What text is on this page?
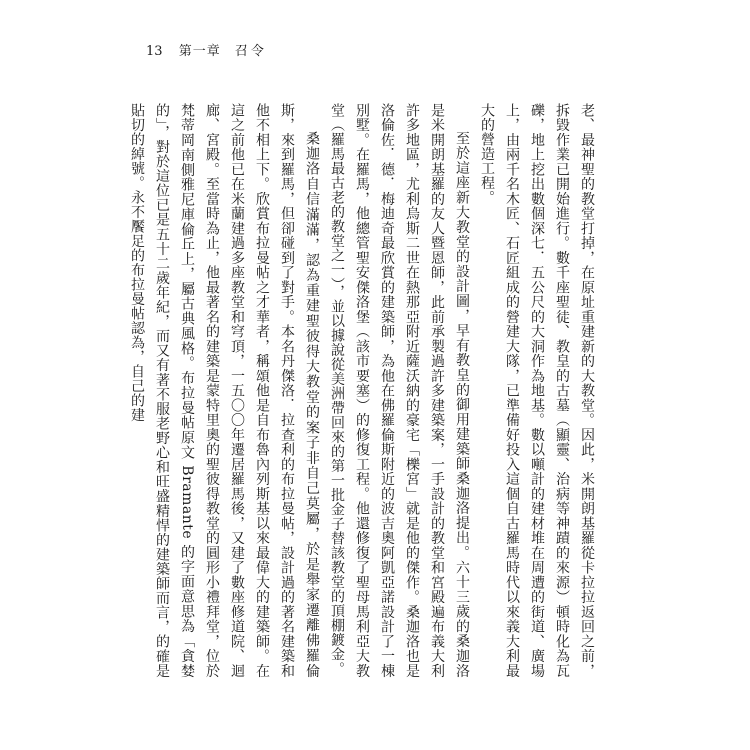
13 第一章 召令

老、最神聖的教堂打掉，在原址重建新的大教堂。因此，米開朗基羅從卡拉拉返回之前，拆毀作業已開始進行。數千座聖徒、教皇的古墓（顯靈、治病等神蹟的來源）頓時化為瓦礫，地上挖出數個深七．五公尺的大洞作為地基。數以噸計的建材堆在周遭的街道、廣場上，由兩千名木匠、石匠組成的營建大隊，已準備好投入這個自古羅馬時代以來義大利最大的營造工程。

至於這座新大教堂的設計圖，早有教皇的御用建築師桑迦洛提出。六十三歲的桑迦洛是米開朗基羅的友人暨恩師，此前承製過許多建築案，一手設計的教堂和宮殿遍布義大利許多地區，尤利烏斯二世在熱那亞附近薩沃納的豪宅「櫟宮」就是他的傑作。桑迦洛也是洛倫佐．德．梅迪奇最欣賞的建築師，為他在佛羅倫斯附近的波吉奧阿凱亞諾設計了一棟別墅。在羅馬，他總管聖安傑洛堡（該市要塞）的修復工程。他還修復了聖母馬利亞大教堂（羅馬最古老的教堂之一），並以據說從美洲帶回來的第一批金子替該教堂的頂棚鍍金。

桑迦洛自信滿滿，認為重建聖彼得大教堂的案子非自己莫屬，於是舉家遷離佛羅倫斯，來到羅馬，但卻碰到了對手。本名丹傑洛．拉查利的布拉曼帖，設計過的著名建築和他不相上下。欣賞布拉曼帖之才華者，稱頌他是自布魯內列斯基以來最偉大的建築師。在這之前他已在米蘭建過多座教堂和穹頂，一五〇〇年遷居羅馬後，又建了數座修道院、迴廊、宮殿。至當時為止，他最著名的建築是蒙特里奧的聖彼得教堂的圓形小禮拜堂，位於梵蒂岡南側雅尼庫倫丘上，屬古典風格。布拉曼帖原文 Bramante 的字面意思為「貪婪的」，對於這位已是五十二歲年紀，而又有著不服老野心和旺盛精悍的建築師而言，的確是貼切的綽號。永不饜足的布拉曼帖認為，自己的建
